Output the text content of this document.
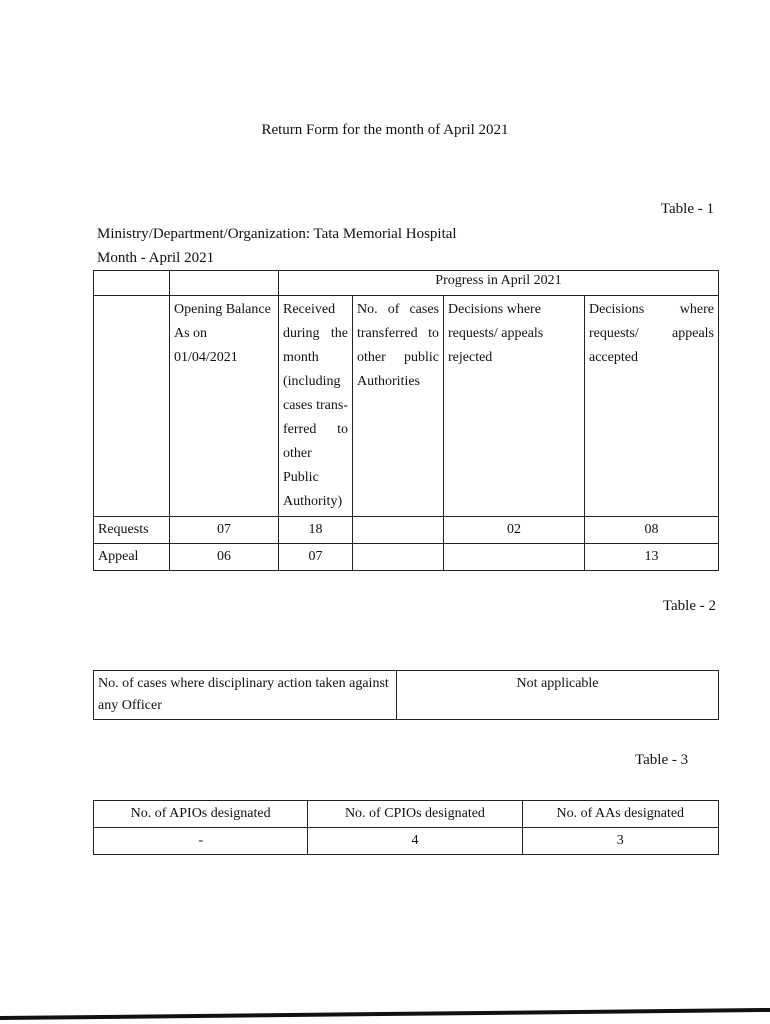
Return Form for the month of April 2021
Table - 1
Ministry/Department/Organization: Tata Memorial Hospital
Month - April 2021
		Progress in April 2021			
	Opening Balance As on 01/04/2021	Received during the month (including cases trans-ferred to other Public Authority)	No. of cases transferred to other public Authorities	Decisions where requests/ appeals rejected	Decisions where requests/ appeals accepted
Requests	07	18		02	08
Appeal	06	07			13
Table - 2
No. of cases where disciplinary action taken against any Officer	Not applicable
Table - 3
No. of APIOs designated	No. of CPIOs designated	No. of AAs designated
-	4	3
